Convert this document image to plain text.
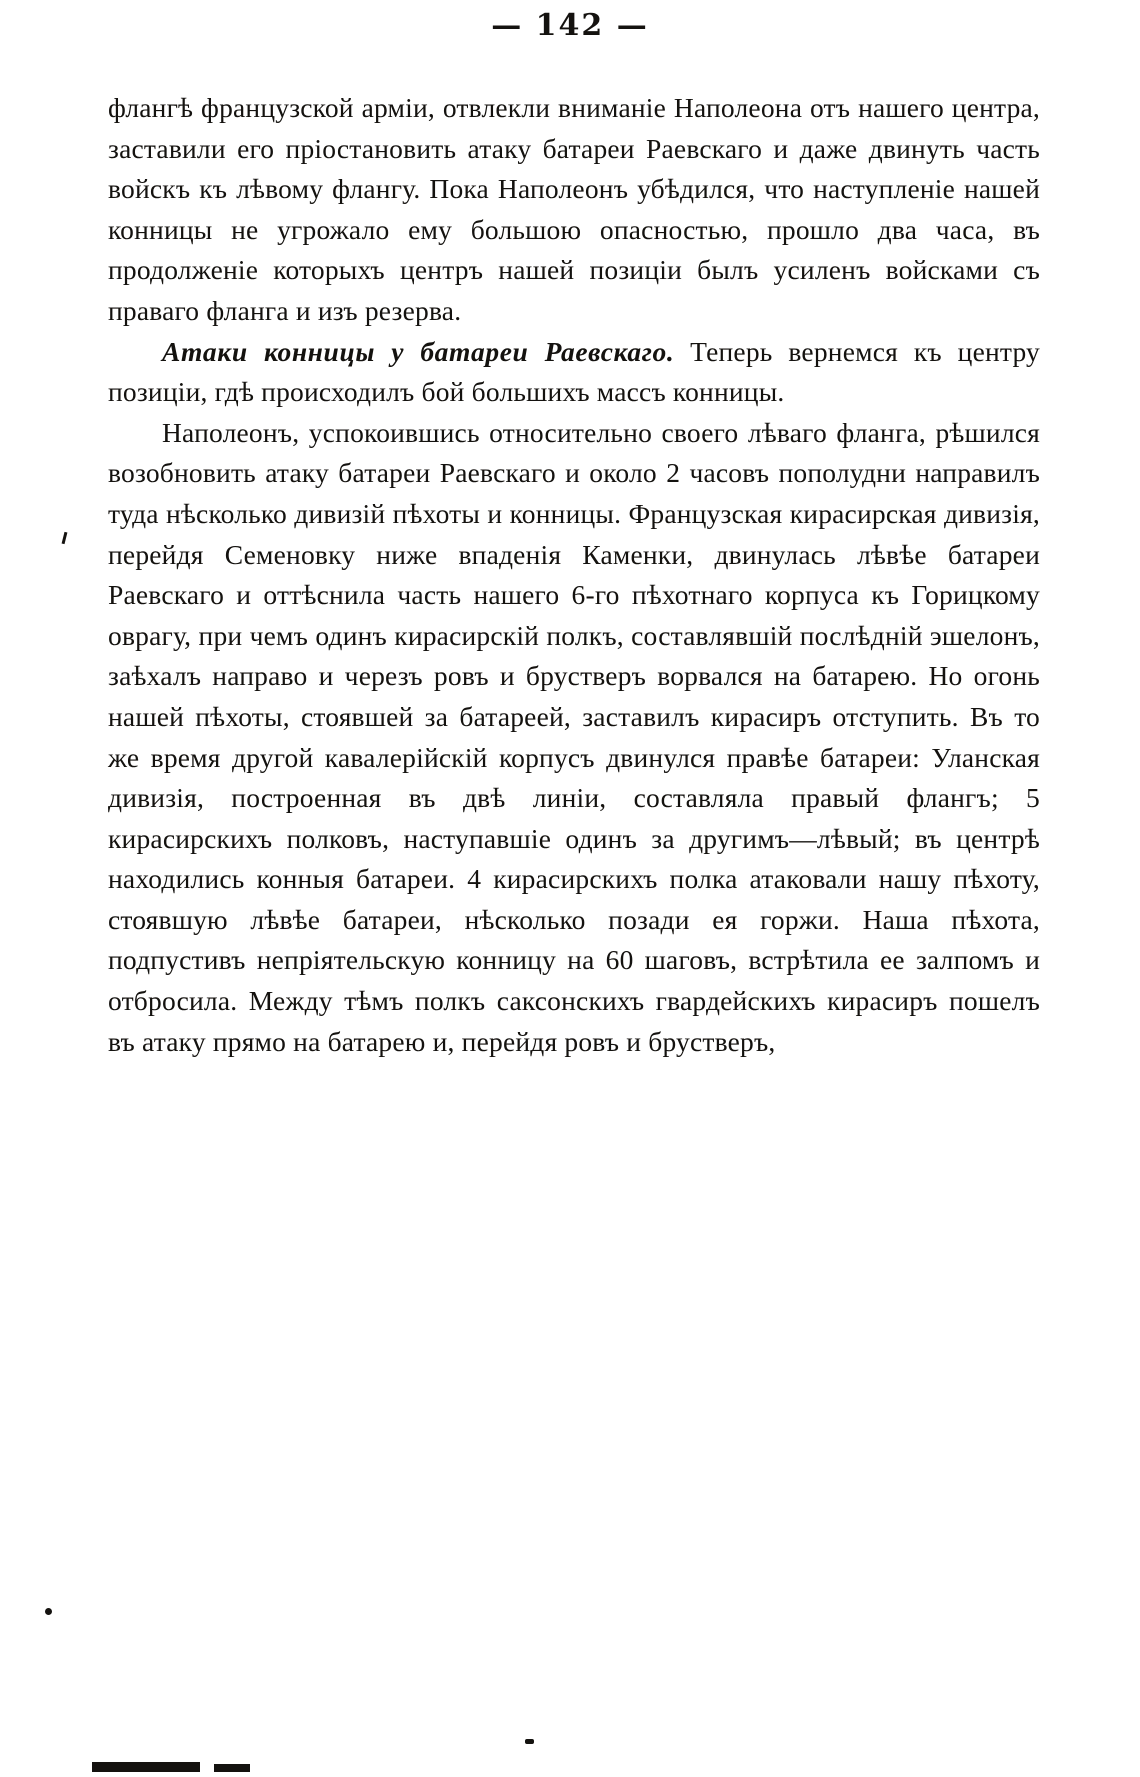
— 142 —

флангѣ французской арміи, отвлекли вниманіе Наполеона отъ нашего центра, заставили его пріостановить атаку батареи Раевскаго и даже двинуть часть войскъ къ лѣвому флангу. Пока Наполеонъ убѣдился, что наступленіе нашей конницы не угрожало ему большою опасностью, прошло два часа, въ продолженіе которыхъ центръ нашей позиціи былъ усиленъ войсками съ праваго фланга и изъ резерва.

Атаки конницы у батареи Раевскаго. Теперь вернемся къ центру позиціи, гдѣ происходилъ бой большихъ массъ конницы.

Наполеонъ, успокоившись относительно своего лѣваго фланга, рѣшился возобновить атаку батареи Раевскаго и около 2 часовъ пополудни направилъ туда нѣсколько дивизій пѣхоты и конницы. Французская кирасирская дивизія, перейдя Семеновку ниже впаденія Каменки, двинулась лѣвѣе батареи Раевскаго и оттѣснила часть нашего 6-го пѣхотнаго корпуса къ Горицкому оврагу, при чемъ одинъ кирасирскій полкъ, составлявшій послѣдній эшелонъ, заѣхалъ направо и черезъ ровъ и брустверъ ворвался на батарею. Но огонь нашей пѣхоты, стоявшей за батареей, заставилъ кирасиръ отступить. Въ то же время другой кавалерійскій корпусъ двинулся правѣе батареи: Уланская дивизія, построенная въ двѣ линіи, составляла правый флангъ; 5 кирасирскихъ полковъ, наступавшіе одинъ за другимъ—лѣвый; въ центрѣ находились конныя батареи. 4 кирасирскихъ полка атаковали нашу пѣхоту, стоявшую лѣвѣе батареи, нѣсколько позади ея горжи. Наша пѣхота, подпустивъ непріятельскую конницу на 60 шаговъ, встрѣтила ее залпомъ и отбросила. Между тѣмъ полкъ саксонскихъ гвардейскихъ кирасиръ пошелъ въ атаку прямо на батарею и, перейдя ровъ и брустверъ,
